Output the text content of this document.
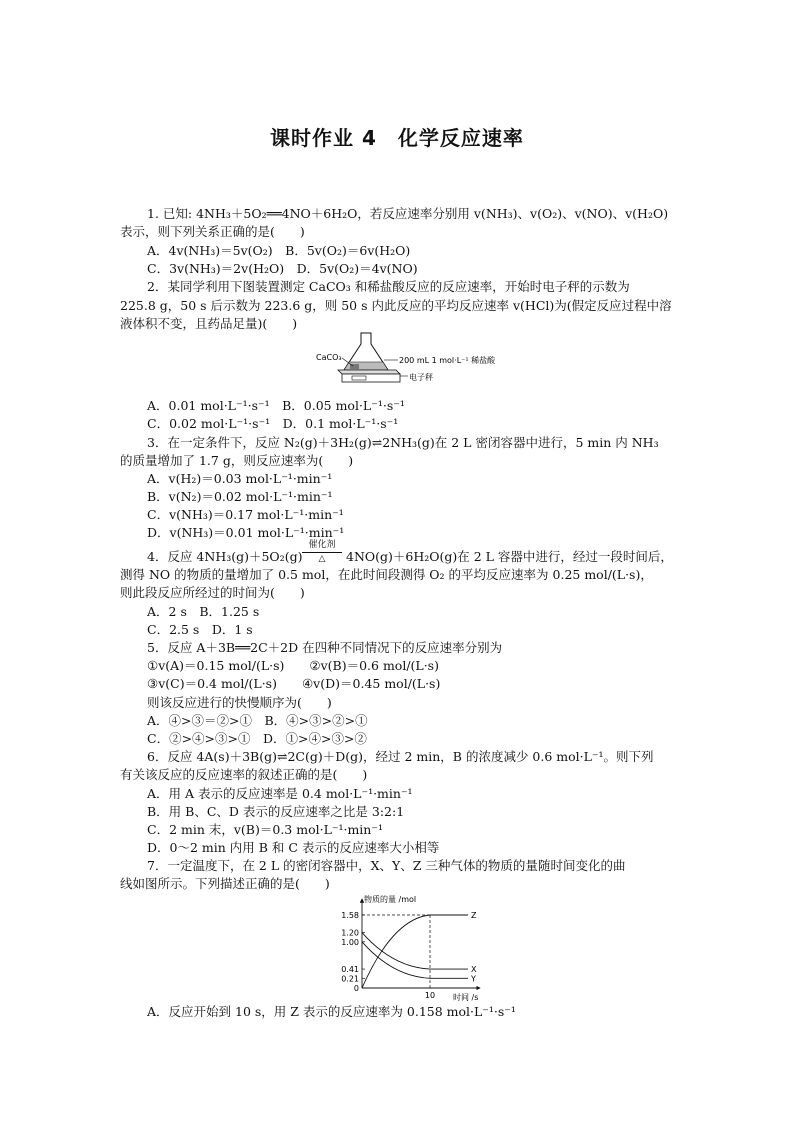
课时作业 4　化学反应速率
1. 已知: 4NH₃＋5O₂══4NO＋6H₂O，若反应速率分别用 v(NH₃)、v(O₂)、v(NO)、v(H₂O)
表示，则下列关系正确的是(　　)
A．4v(NH₃)＝5v(O₂)　B．5v(O₂)＝6v(H₂O)
C．3v(NH₃)＝2v(H₂O)　D．5v(O₂)＝4v(NO)
2．某同学利用下图装置测定 CaCO₃ 和稀盐酸反应的反应速率，开始时电子秤的示数为
225.8 g，50 s 后示数为 223.6 g，则 50 s 内此反应的平均反应速率 v(HCl)为(假定反应过程中溶
液体积不变，且药品足量)(　　)
CaCO₃	200 mL 1 mol·L⁻¹ 稀盐酸
电子秤
A．0.01 mol·L⁻¹·s⁻¹　B．0.05 mol·L⁻¹·s⁻¹
C．0.02 mol·L⁻¹·s⁻¹　D．0.1 mol·L⁻¹·s⁻¹
3．在一定条件下，反应 N₂(g)＋3H₂(g)⇌2NH₃(g)在 2 L 密闭容器中进行，5 min 内 NH₃
的质量增加了 1.7 g，则反应速率为(　　)
A．v(H₂)＝0.03 mol·L⁻¹·min⁻¹
B．v(N₂)＝0.02 mol·L⁻¹·min⁻¹
C．v(NH₃)＝0.17 mol·L⁻¹·min⁻¹
D．v(NH₃)＝0.01 mol·L⁻¹·min⁻¹
4．反应 4NH₃(g)＋5O₂(g)
催化剂
△	4NO(g)＋6H₂O(g)在 2 L 容器中进行，经过一段时间后，
测得 NO 的物质的量增加了 0.5 mol，在此时间段测得 O₂ 的平均反应速率为 0.25 mol/(L·s)，
则此段反应所经过的时间为(　　)
A．2 s　B．1.25 s
C．2.5 s　D．1 s
5．反应 A＋3B══2C＋2D 在四种不同情况下的反应速率分别为
①v(A)＝0.15 mol/(L·s)　　②v(B)＝0.6 mol/(L·s)
③v(C)＝0.4 mol/(L·s)　　④v(D)＝0.45 mol/(L·s)
则该反应进行的快慢顺序为(　　)
A．④>③＝②>①　B．④>③>②>①
C．②>④>③>①　D．①>④>③>②
6．反应 4A(s)＋3B(g)⇌2C(g)＋D(g)，经过 2 min，B 的浓度减少 0.6 mol·L⁻¹。则下列
有关该反应的反应速率的叙述正确的是(　　)
A．用 A 表示的反应速率是 0.4 mol·L⁻¹·min⁻¹
B．用 B、C、D 表示的反应速率之比是 3:2:1
C．2 min 末，v(B)＝0.3 mol·L⁻¹·min⁻¹
D．0～2 min 内用 B 和 C 表示的反应速率大小相等
7．一定温度下，在 2 L 的密闭容器中，X、Y、Z 三种气体的物质的量随时间变化的曲
线如图所示。下列描述正确的是(　　)
物质的量 /mol
时间 /s
1.58
1.20
1.00
0.41
0.21
0
10
Z
X
Y
A．反应开始到 10 s，用 Z 表示的反应速率为 0.158 mol·L⁻¹·s⁻¹
